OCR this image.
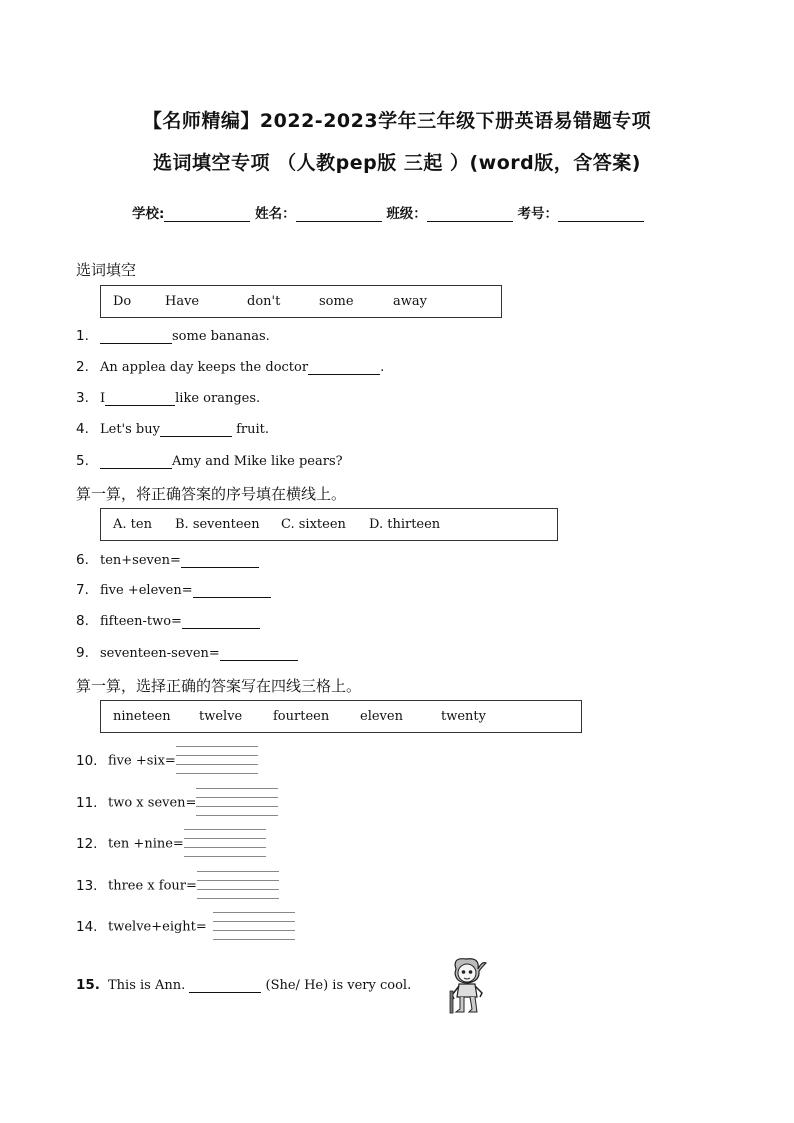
【名师精编】2022-2023学年三年级下册英语易错题专项
选词填空专项 （人教pep版 三起 ）(word版，含答案)
学校:	姓名：	班级：	考号：
选词填空
Do	Have	don't	some	away
1.	some bananas.
2. An applea day keeps the doctor	.
3. I	like oranges.
4. Let's buy	fruit.
5.	Amy and Mike like pears?
算一算，将正确答案的序号填在横线上。
A. ten	B. seventeen	C. sixteen	D. thirteen
6. ten+seven=
7. five +eleven=
8. fifteen-two=
9. seventeen-seven=
算一算，选择正确的答案写在四线三格上。
nineteen	twelve	fourteen	eleven	twenty
10. five +six=
11. two x seven=
12. ten +nine=
13. three x four=
14. twelve+eight=
15. This is Ann.	(She/ He) is very cool.
